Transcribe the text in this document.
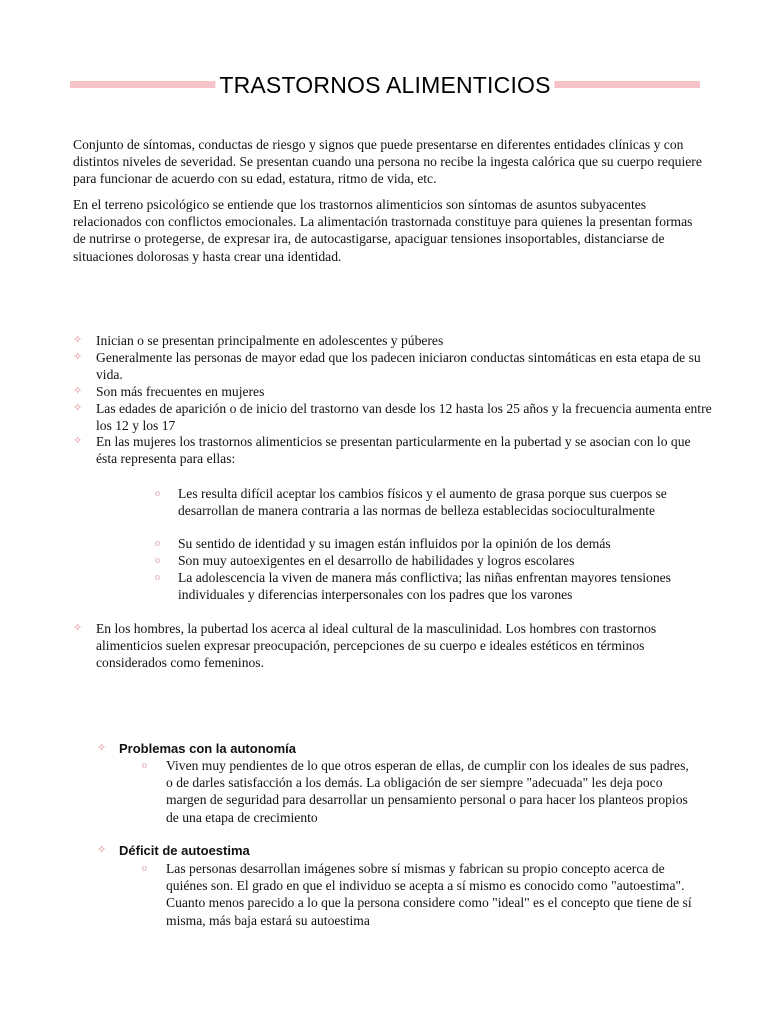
TRASTORNOS ALIMENTICIOS

Conjunto de síntomas, conductas de riesgo y signos que puede presentarse en diferentes entidades clínicas y con distintos niveles de severidad. Se presentan cuando una persona no recibe la ingesta calórica que su cuerpo requiere para funcionar de acuerdo con su edad, estatura, ritmo de vida, etc.

En el terreno psicológico se entiende que los trastornos alimenticios son síntomas de asuntos subyacentes relacionados con conflictos emocionales. La alimentación trastornada constituye para quienes la presentan formas de nutrirse o protegerse, de expresar ira, de autocastigarse, apaciguar tensiones insoportables, distanciarse de situaciones dolorosas y hasta crear una identidad.

✧ Inician o se presentan principalmente en adolescentes y púberes
✧ Generalmente las personas de mayor edad que los padecen iniciaron conductas sintomáticas en esta etapa de su vida.
✧ Son más frecuentes en mujeres
✧ Las edades de aparición o de inicio del trastorno van desde los 12 hasta los 25 años y la frecuencia aumenta entre los 12 y los 17
✧ En las mujeres los trastornos alimenticios se presentan particularmente en la pubertad y se asocian con lo que ésta representa para ellas:
o Les resulta difícil aceptar los cambios físicos y el aumento de grasa porque sus cuerpos se desarrollan de manera contraria a las normas de belleza establecidas socioculturalmente
o Su sentido de identidad y su imagen están influidos por la opinión de los demás
o Son muy autoexigentes en el desarrollo de habilidades y logros escolares
o La adolescencia la viven de manera más conflictiva; las niñas enfrentan mayores tensiones individuales y diferencias interpersonales con los padres que los varones
✧ En los hombres, la pubertad los acerca al ideal cultural de la masculinidad. Los hombres con trastornos alimenticios suelen expresar preocupación, percepciones de su cuerpo e ideales estéticos en términos considerados como femeninos.
✧ Problemas con la autonomía
o Viven muy pendientes de lo que otros esperan de ellas, de cumplir con los ideales de sus padres, o de darles satisfacción a los demás. La obligación de ser siempre "adecuada" les deja poco margen de seguridad para desarrollar un pensamiento personal o para hacer los planteos propios de una etapa de crecimiento
✧ Déficit de autoestima
o Las personas desarrollan imágenes sobre sí mismas y fabrican su propio concepto acerca de quiénes son. El grado en que el individuo se acepta a sí mismo es conocido como "autoestima". Cuanto menos parecido a lo que la persona considere como "ideal" es el concepto que tiene de sí misma, más baja estará su autoestima
